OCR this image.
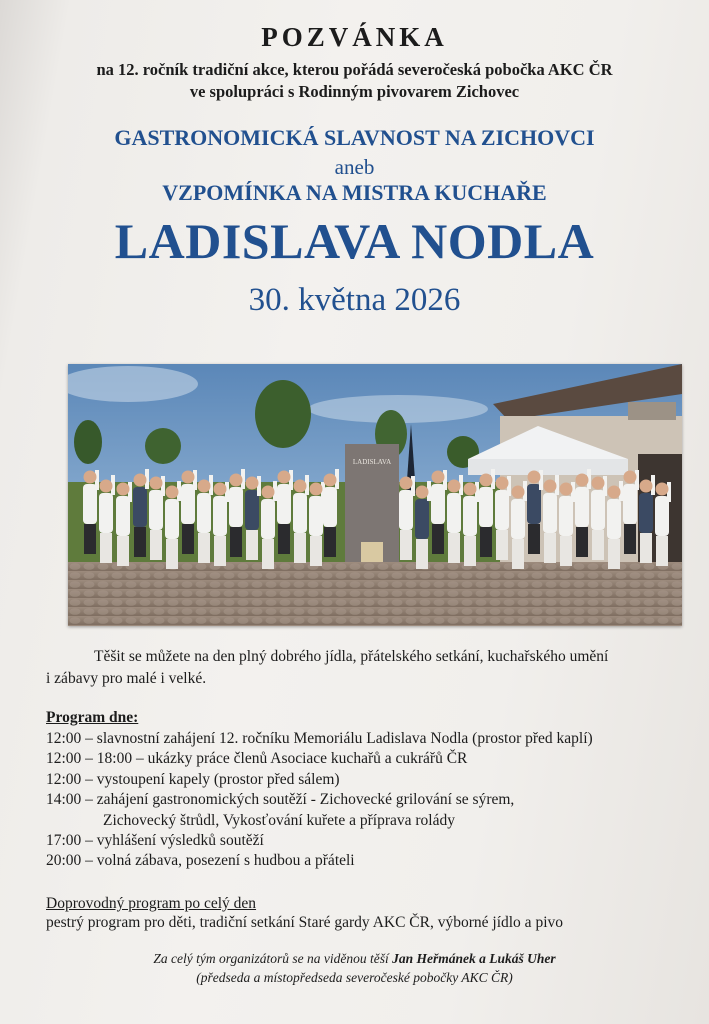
POZVÁNKA
na 12. ročník tradiční akce, kterou pořádá severočeská pobočka AKC ČR
ve spolupráci s Rodinným pivovarem Zichovec
GASTRONOMICKÁ SLAVNOST NA ZICHOVCI
aneb
VZPOMÍNKA NA MISTRA KUCHAŘE
LADISLAVA NODLA
30. května 2026
LADISLAVA
Těšit se můžete na den plný dobrého jídla, přátelského setkání, kuchařského umění
i zábavy pro malé i velké.
Program dne:
12:00 – slavnostní zahájení 12. ročníku Memoriálu Ladislava Nodla (prostor před kaplí)
12:00 – 18:00 – ukázky práce členů Asociace kuchařů a cukrářů ČR
12:00 – vystoupení kapely (prostor před sálem)
14:00 – zahájení gastronomických soutěží - Zichovecké grilování se sýrem,
Zichovecký štrůdl, Vykosťování kuřete a příprava rolády
17:00 – vyhlášení výsledků soutěží
20:00 – volná zábava, posezení s hudbou a přáteli
Doprovodný program po celý den
pestrý program pro děti, tradiční setkání Staré gardy AKC ČR, výborné jídlo a pivo
Za celý tým organizátorů se na viděnou těší Jan Heřmánek a Lukáš Uher
(předseda a místopředseda severočeské pobočky AKC ČR)
